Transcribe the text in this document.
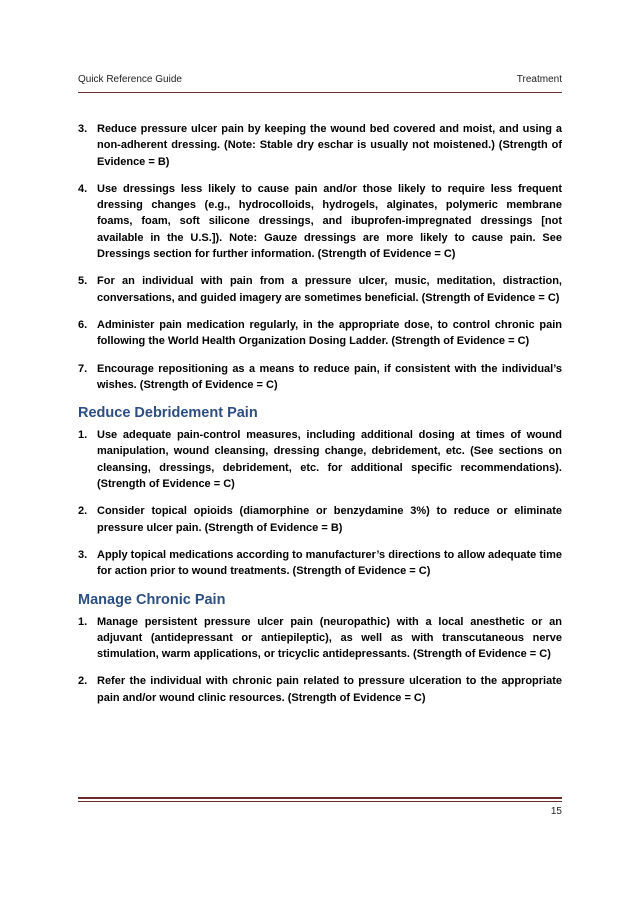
Quick Reference Guide	Treatment
3. Reduce pressure ulcer pain by keeping the wound bed covered and moist, and using a non-adherent dressing. (Note: Stable dry eschar is usually not moistened.) (Strength of Evidence = B)
4. Use dressings less likely to cause pain and/or those likely to require less frequent dressing changes (e.g., hydrocolloids, hydrogels, alginates, polymeric membrane foams, foam, soft silicone dressings, and ibuprofen-impregnated dressings [not available in the U.S.]). Note: Gauze dressings are more likely to cause pain. See Dressings section for further information. (Strength of Evidence = C)
5. For an individual with pain from a pressure ulcer, music, meditation, distraction, conversations, and guided imagery are sometimes beneficial. (Strength of Evidence = C)
6. Administer pain medication regularly, in the appropriate dose, to control chronic pain following the World Health Organization Dosing Ladder. (Strength of Evidence = C)
7. Encourage repositioning as a means to reduce pain, if consistent with the individual’s wishes. (Strength of Evidence = C)
Reduce Debridement Pain
1. Use adequate pain-control measures, including additional dosing at times of wound manipulation, wound cleansing, dressing change, debridement, etc. (See sections on cleansing, dressings, debridement, etc. for additional specific recommendations). (Strength of Evidence = C)
2. Consider topical opioids (diamorphine or benzydamine 3%) to reduce or eliminate pressure ulcer pain. (Strength of Evidence = B)
3. Apply topical medications according to manufacturer’s directions to allow adequate time for action prior to wound treatments. (Strength of Evidence = C)
Manage Chronic Pain
1. Manage persistent pressure ulcer pain (neuropathic) with a local anesthetic or an adjuvant (antidepressant or antiepileptic), as well as with transcutaneous nerve stimulation, warm applications, or tricyclic antidepressants. (Strength of Evidence = C)
2. Refer the individual with chronic pain related to pressure ulceration to the appropriate pain and/or wound clinic resources. (Strength of Evidence = C)
15
